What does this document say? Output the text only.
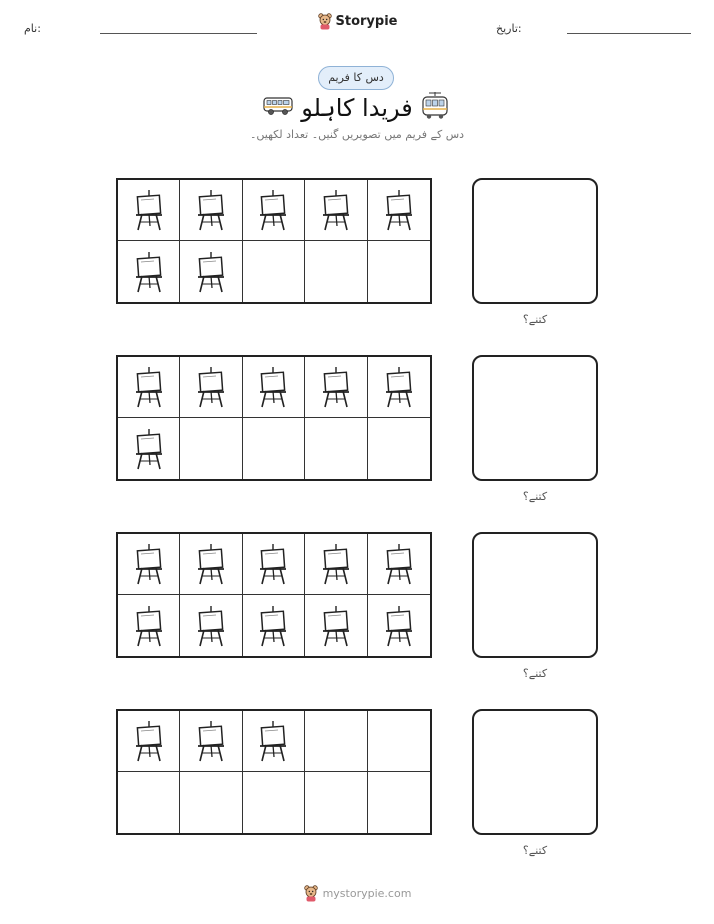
نام:	Storypie	تاریخ:
دس کا فریم
فریدا کاہلو
دس کے فریم میں تصویریں گنیں۔ تعداد لکھیں۔
کتنے؟
کتنے؟
کتنے؟
کتنے؟
mystorypie.com
